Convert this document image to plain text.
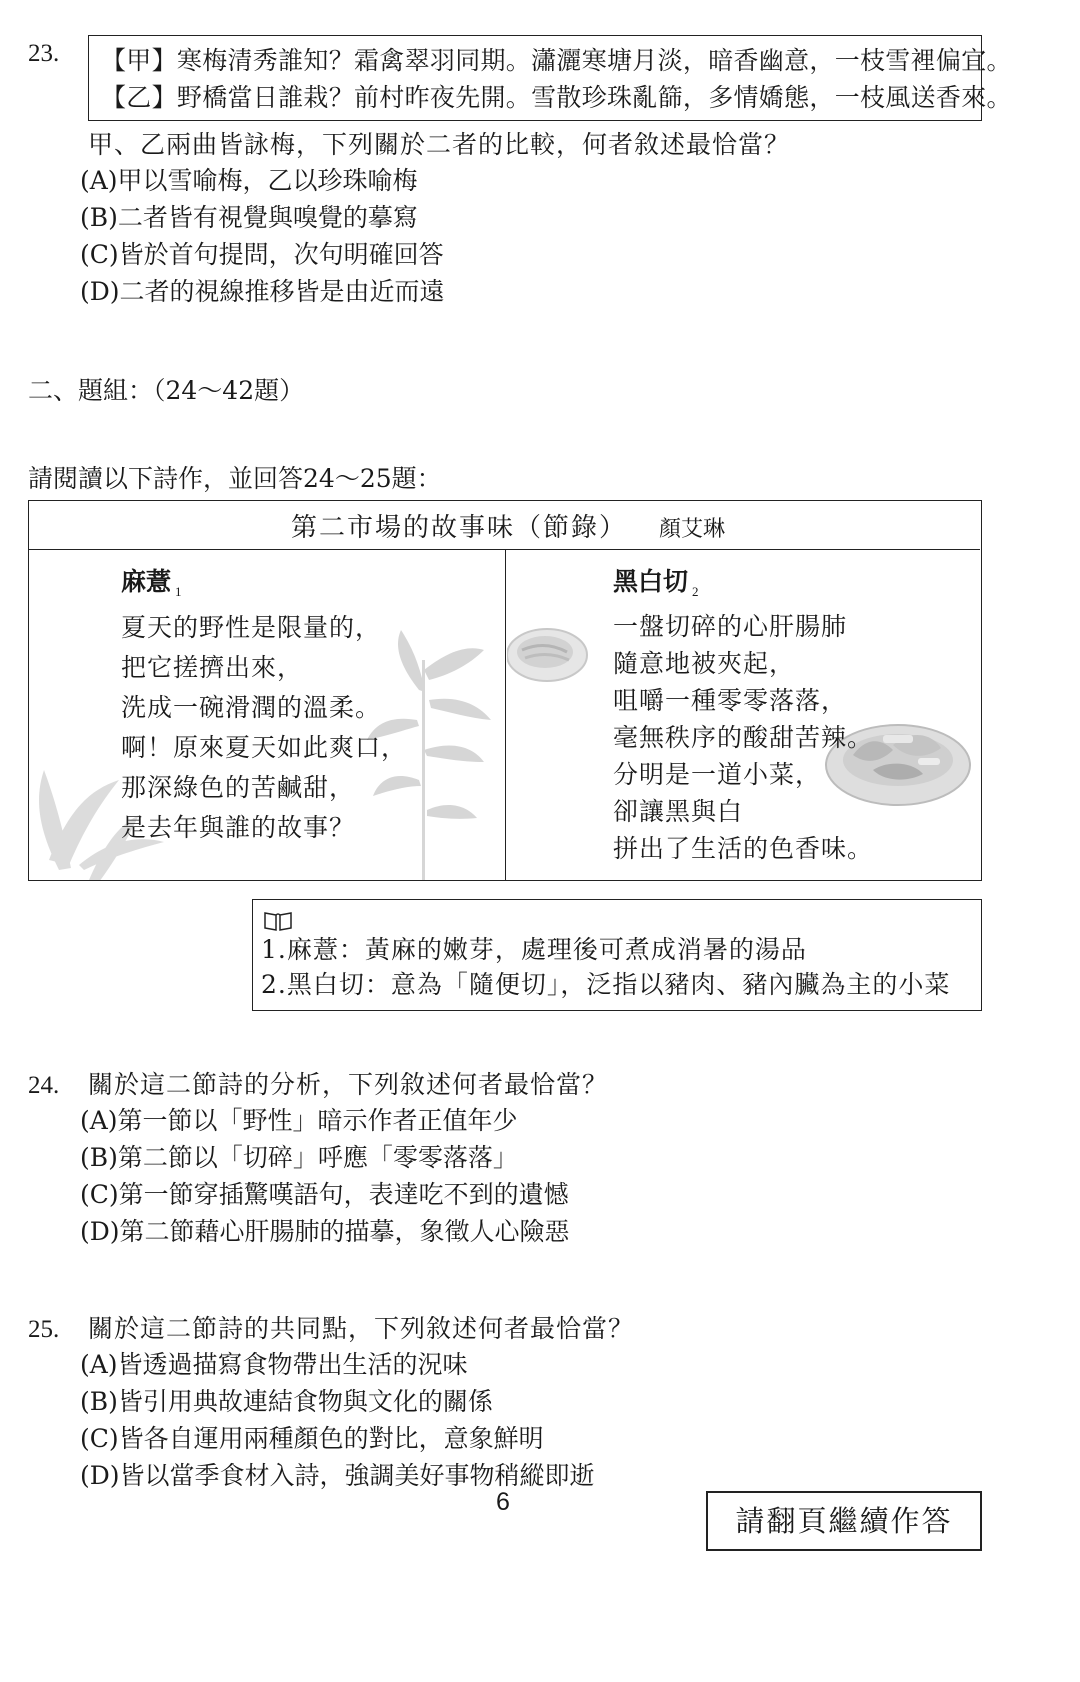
23. 【甲】寒梅清秀誰知？霜禽翠羽同期。瀟灑寒塘月淡，暗香幽意，一枝雪裡偏宜。
【乙】野橋當日誰栽？前村昨夜先開。雪散珍珠亂篩，多情嬌態，一枝風送香來。
甲、乙兩曲皆詠梅，下列關於二者的比較，何者敘述最恰當？
(A)甲以雪喻梅，乙以珍珠喻梅
(B)二者皆有視覺與嗅覺的摹寫
(C)皆於首句提問，次句明確回答
(D)二者的視線推移皆是由近而遠
二、題組：（24～42題）
請閱讀以下詩作，並回答24～25題：
第二市場的故事味（節錄） 顏艾琳
麻薏 $_1$
夏天的野性是限量的，
把它搓擠出來，
洗成一碗滑潤的溫柔。
啊！原來夏天如此爽口，
那深綠色的苦鹹甜，
是去年與誰的故事？
黑白切 $_2$
一盤切碎的心肝腸肺
隨意地被夾起，
咀嚼一種零零落落，
毫無秩序的酸甜苦辣。
分明是一道小菜，
卻讓黑與白
拼出了生活的色香味。
1.麻薏：黃麻的嫩芽，處理後可煮成消暑的湯品
2.黑白切：意為「隨便切」，泛指以豬肉、豬內臟為主的小菜
24. 關於這二節詩的分析，下列敘述何者最恰當？
(A)第一節以「野性」暗示作者正值年少
(B)第二節以「切碎」呼應「零零落落」
(C)第一節穿插驚嘆語句，表達吃不到的遺憾
(D)第二節藉心肝腸肺的描摹，象徵人心險惡
25. 關於這二節詩的共同點，下列敘述何者最恰當？
(A)皆透過描寫食物帶出生活的況味
(B)皆引用典故連結食物與文化的關係
(C)皆各自運用兩種顏色的對比，意象鮮明
(D)皆以當季食材入詩，強調美好事物稍縱即逝
6
請翻頁繼續作答
